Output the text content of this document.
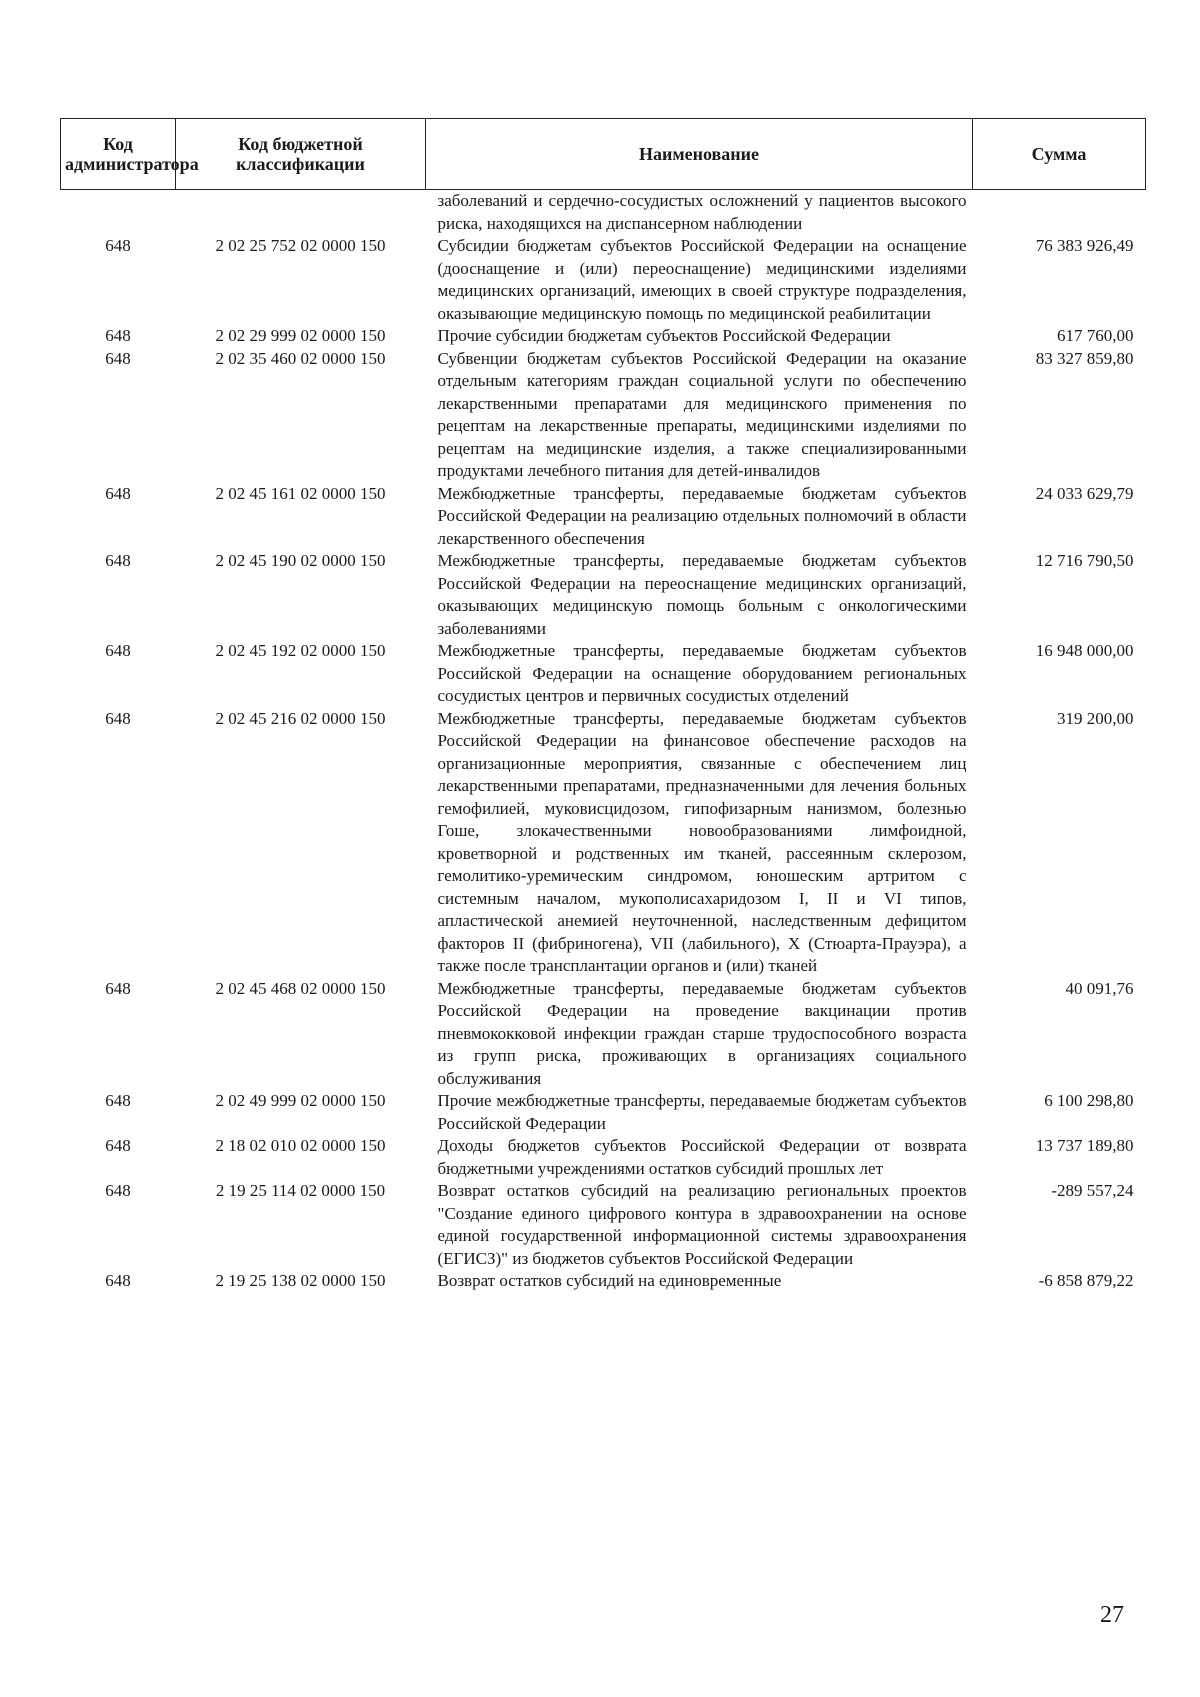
Код администратора	Код бюджетной классификации	Наименование	Сумма
		заболеваний и сердечно-сосудистых осложнений у пациентов высокого риска, находящихся на диспансерном наблюдении	
648	2 02 25 752 02 0000 150	Субсидии бюджетам субъектов Российской Федерации на оснащение (дооснащение и (или) переоснащение) медицинскими изделиями медицинских организаций, имеющих в своей структуре подразделения, оказывающие медицинскую помощь по медицинской реабилитации	76 383 926,49
648	2 02 29 999 02 0000 150	Прочие субсидии бюджетам субъектов Российской Федерации	617 760,00
648	2 02 35 460 02 0000 150	Субвенции бюджетам субъектов Российской Федерации на оказание отдельным категориям граждан социальной услуги по обеспечению лекарственными препаратами для медицинского применения по рецептам на лекарственные препараты, медицинскими изделиями по рецептам на медицинские изделия, а также специализированными продуктами лечебного питания для детей-инвалидов	83 327 859,80
648	2 02 45 161 02 0000 150	Межбюджетные трансферты, передаваемые бюджетам субъектов Российской Федерации на реализацию отдельных полномочий в области лекарственного обеспечения	24 033 629,79
648	2 02 45 190 02 0000 150	Межбюджетные трансферты, передаваемые бюджетам субъектов Российской Федерации на переоснащение медицинских организаций, оказывающих медицинскую помощь больным с онкологическими заболеваниями	12 716 790,50
648	2 02 45 192 02 0000 150	Межбюджетные трансферты, передаваемые бюджетам субъектов Российской Федерации на оснащение оборудованием региональных сосудистых центров и первичных сосудистых отделений	16 948 000,00
648	2 02 45 216 02 0000 150	Межбюджетные трансферты, передаваемые бюджетам субъектов Российской Федерации на финансовое обеспечение расходов на организационные мероприятия, связанные с обеспечением лиц лекарственными препаратами, предназначенными для лечения больных гемофилией, муковисцидозом, гипофизарным нанизмом, болезнью Гоше, злокачественными новообразованиями лимфоидной, кроветворной и родственных им тканей, рассеянным склерозом, гемолитико-уремическим синдромом, юношеским артритом с системным началом, мукополисахаридозом I, II и VI типов, апластической анемией неуточненной, наследственным дефицитом факторов II (фибриногена), VII (лабильного), X (Стюарта-Прауэра), а также после трансплантации органов и (или) тканей	319 200,00
648	2 02 45 468 02 0000 150	Межбюджетные трансферты, передаваемые бюджетам субъектов Российской Федерации на проведение вакцинации против пневмококковой инфекции граждан старше трудоспособного возраста из групп риска, проживающих в организациях социального обслуживания	40 091,76
648	2 02 49 999 02 0000 150	Прочие межбюджетные трансферты, передаваемые бюджетам субъектов Российской Федерации	6 100 298,80
648	2 18 02 010 02 0000 150	Доходы бюджетов субъектов Российской Федерации от возврата бюджетными учреждениями остатков субсидий прошлых лет	13 737 189,80
648	2 19 25 114 02 0000 150	Возврат остатков субсидий на реализацию региональных проектов "Создание единого цифрового контура в здравоохранении на основе единой государственной информационной системы здравоохранения (ЕГИСЗ)" из бюджетов субъектов Российской Федерации	-289 557,24
648	2 19 25 138 02 0000 150	Возврат остатков субсидий на единовременные	-6 858 879,22
27
